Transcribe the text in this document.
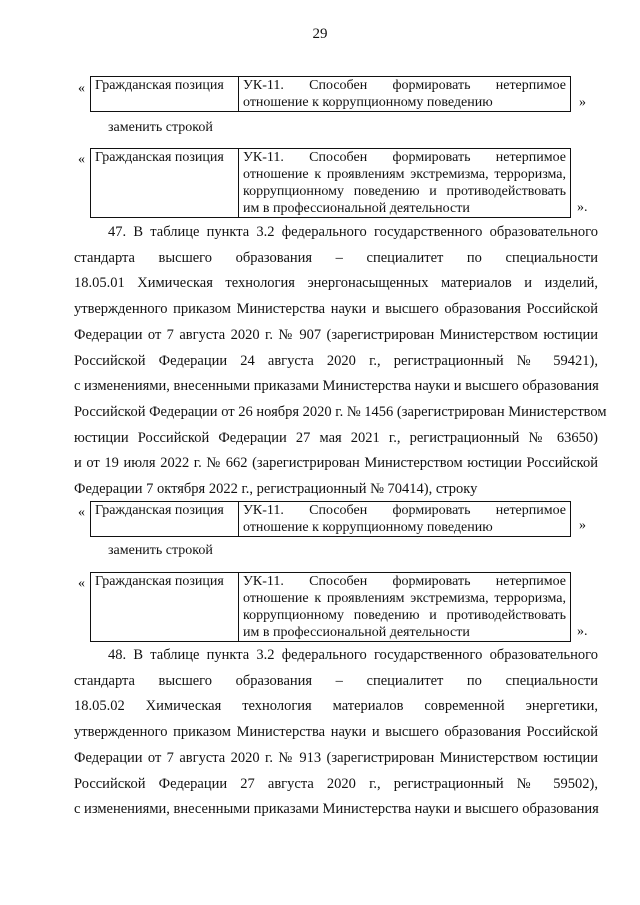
29
« Гражданская позиция	УК-11. Способен формировать нетерпимое
отношение к коррупционному поведению	»
заменить строкой
« Гражданская позиция	УК-11. Способен формировать нетерпимое
отношение к проявлениям экстремизма, терроризма,
коррупционному поведению и противодействовать
им в профессиональной деятельности	».
47. В таблице пункта 3.2 федерального государственного образовательного
стандарта высшего образования – специалитет по специальности
18.05.01 Химическая технология энергонасыщенных материалов и изделий,
утвержденного приказом Министерства науки и высшего образования Российской
Федерации от 7 августа 2020 г. № 907 (зарегистрирован Министерством юстиции
Российской Федерации 24 августа 2020 г., регистрационный № 59421),
с изменениями, внесенными приказами Министерства науки и высшего образования
Российской Федерации от 26 ноября 2020 г. № 1456 (зарегистрирован Министерством
юстиции Российской Федерации 27 мая 2021 г., регистрационный № 63650)
и от 19 июля 2022 г. № 662 (зарегистрирован Министерством юстиции Российской
Федерации 7 октября 2022 г., регистрационный № 70414), строку
« Гражданская позиция	УК-11. Способен формировать нетерпимое
отношение к коррупционному поведению	»
заменить строкой
« Гражданская позиция	УК-11. Способен формировать нетерпимое
отношение к проявлениям экстремизма, терроризма,
коррупционному поведению и противодействовать
им в профессиональной деятельности	».
48. В таблице пункта 3.2 федерального государственного образовательного
стандарта высшего образования – специалитет по специальности
18.05.02 Химическая технология материалов современной энергетики,
утвержденного приказом Министерства науки и высшего образования Российской
Федерации от 7 августа 2020 г. № 913 (зарегистрирован Министерством юстиции
Российской Федерации 27 августа 2020 г., регистрационный № 59502),
с изменениями, внесенными приказами Министерства науки и высшего образования
